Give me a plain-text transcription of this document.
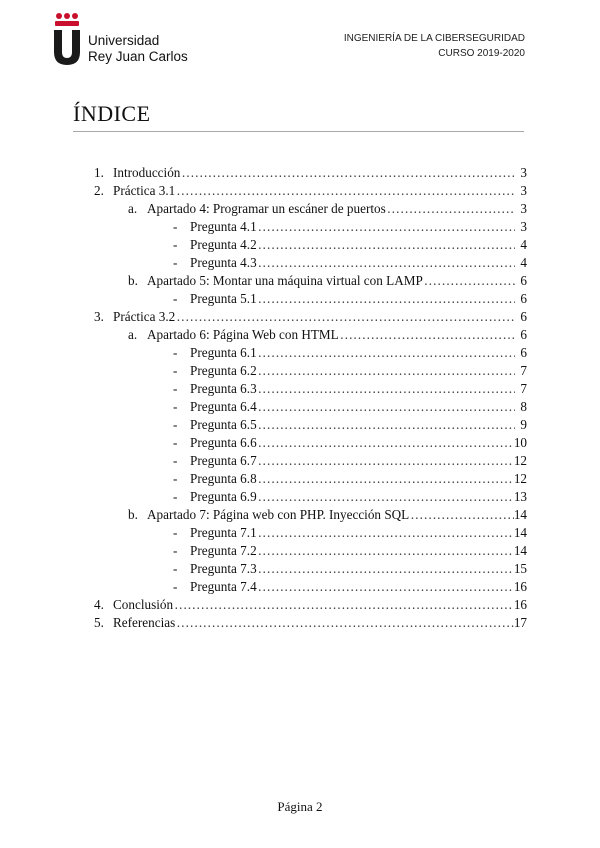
Universidad
Rey Juan Carlos
INGENIERÍA DE LA CIBERSEGURIDAD
CURSO 2019-2020
ÍNDICE
1. Introducción ……………………………………………………………………………………………………………………………………	3
2. Práctica 3.1 ……………………………………………………………………………………………………………………………………	3
a. Apartado 4: Programar un escáner de puertos ……………………………………………………………………………………………………………………………………	3
- Pregunta 4.1 ……………………………………………………………………………………………………………………………………	3
- Pregunta 4.2 ……………………………………………………………………………………………………………………………………	4
- Pregunta 4.3 ……………………………………………………………………………………………………………………………………	4
b. Apartado 5: Montar una máquina virtual con LAMP ……………………………………………………………………………………………………………………………………	6
- Pregunta 5.1 ……………………………………………………………………………………………………………………………………	6
3. Práctica 3.2 ……………………………………………………………………………………………………………………………………	6
a. Apartado 6: Página Web con HTML ……………………………………………………………………………………………………………………………………	6
- Pregunta 6.1 ……………………………………………………………………………………………………………………………………	6
- Pregunta 6.2 ……………………………………………………………………………………………………………………………………	7
- Pregunta 6.3 ……………………………………………………………………………………………………………………………………	7
- Pregunta 6.4 ……………………………………………………………………………………………………………………………………	8
- Pregunta 6.5 ……………………………………………………………………………………………………………………………………	9
- Pregunta 6.6 ……………………………………………………………………………………………………………………………………	10
- Pregunta 6.7 ……………………………………………………………………………………………………………………………………	12
- Pregunta 6.8 ……………………………………………………………………………………………………………………………………	12
- Pregunta 6.9 ……………………………………………………………………………………………………………………………………	13
b. Apartado 7: Página web con PHP. Inyección SQL ……………………………………………………………………………………………………………………………………	14
- Pregunta 7.1 ……………………………………………………………………………………………………………………………………	14
- Pregunta 7.2 ……………………………………………………………………………………………………………………………………	14
- Pregunta 7.3 ……………………………………………………………………………………………………………………………………	15
- Pregunta 7.4 ……………………………………………………………………………………………………………………………………	16
4. Conclusión ……………………………………………………………………………………………………………………………………	16
5. Referencias ……………………………………………………………………………………………………………………………………	17
Página 2
